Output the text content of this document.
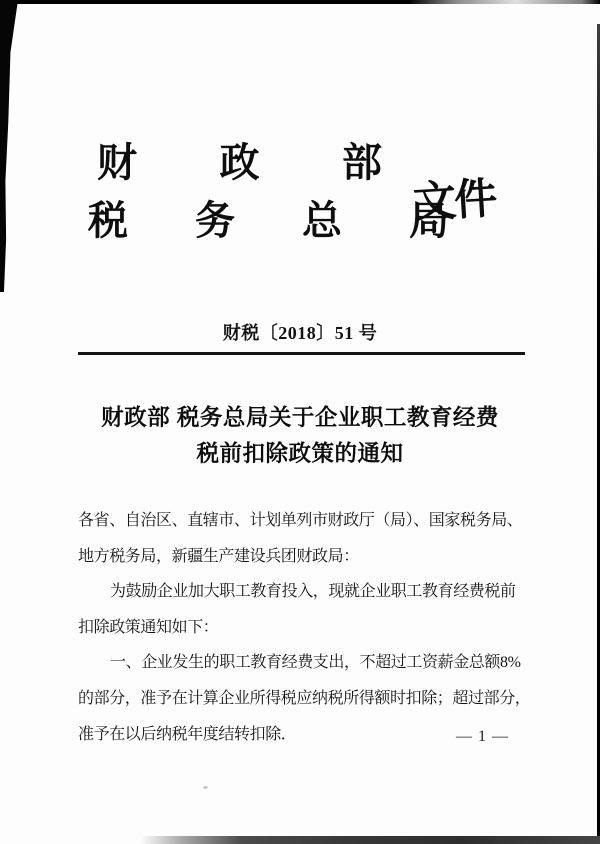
财政部
税务总局
文件
财税〔2018〕51 号
财政部 税务总局关于企业职工教育经费
税前扣除政策的通知
各省、自治区、直辖市、计划单列市财政厅（局）、国家税务局、
地方税务局，新疆生产建设兵团财政局：
为鼓励企业加大职工教育投入，现就企业职工教育经费税前
扣除政策通知如下：
一、企业发生的职工教育经费支出，不超过工资薪金总额8%
的部分，准予在计算企业所得税应纳税所得额时扣除；超过部分，
准予在以后纳税年度结转扣除．	— 1 —
